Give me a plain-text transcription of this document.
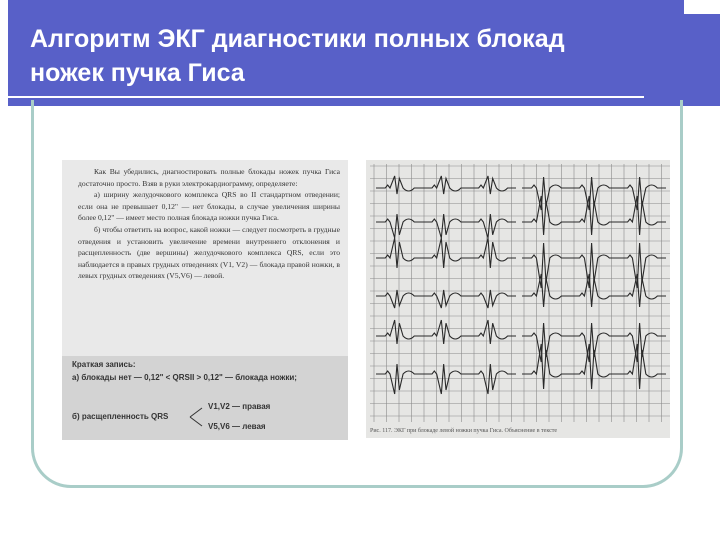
Алгоритм ЭКГ диагностики полных блокад
ножек пучка Гиса

Как Вы убедились, диагностировать полные блокады ножек пучка Гиса достаточно просто. Взяв в руки электрокардиограмму, определяете:

а) ширину желудочкового комплекса QRS во II стандартном отведении; если она не превышает 0,12" — нет блокады, в случае увеличения ширины более 0,12" — имеет место полная блокада ножки пучка Гиса.

б) чтобы ответить на вопрос, какой ножки — следует посмотреть в грудные отведения и установить увеличение времени внутреннего отклонения и расщепленность (две вершины) желудочкового комплекса QRS, если это наблюдается в правых грудных отведениях (V1, V2) — блокада правой ножки, в левых грудных отведениях (V5,V6) — левой.

Краткая запись:
а) блокады нет — 0,12" < QRSII > 0,12" — блокада ножки;
б) расщепленность QRS
V1,V2 — правая
V5,V6 — левая	Рис. 117. ЭКГ при блокаде левой ножки пучка Гиса. Объяснение в тексте
